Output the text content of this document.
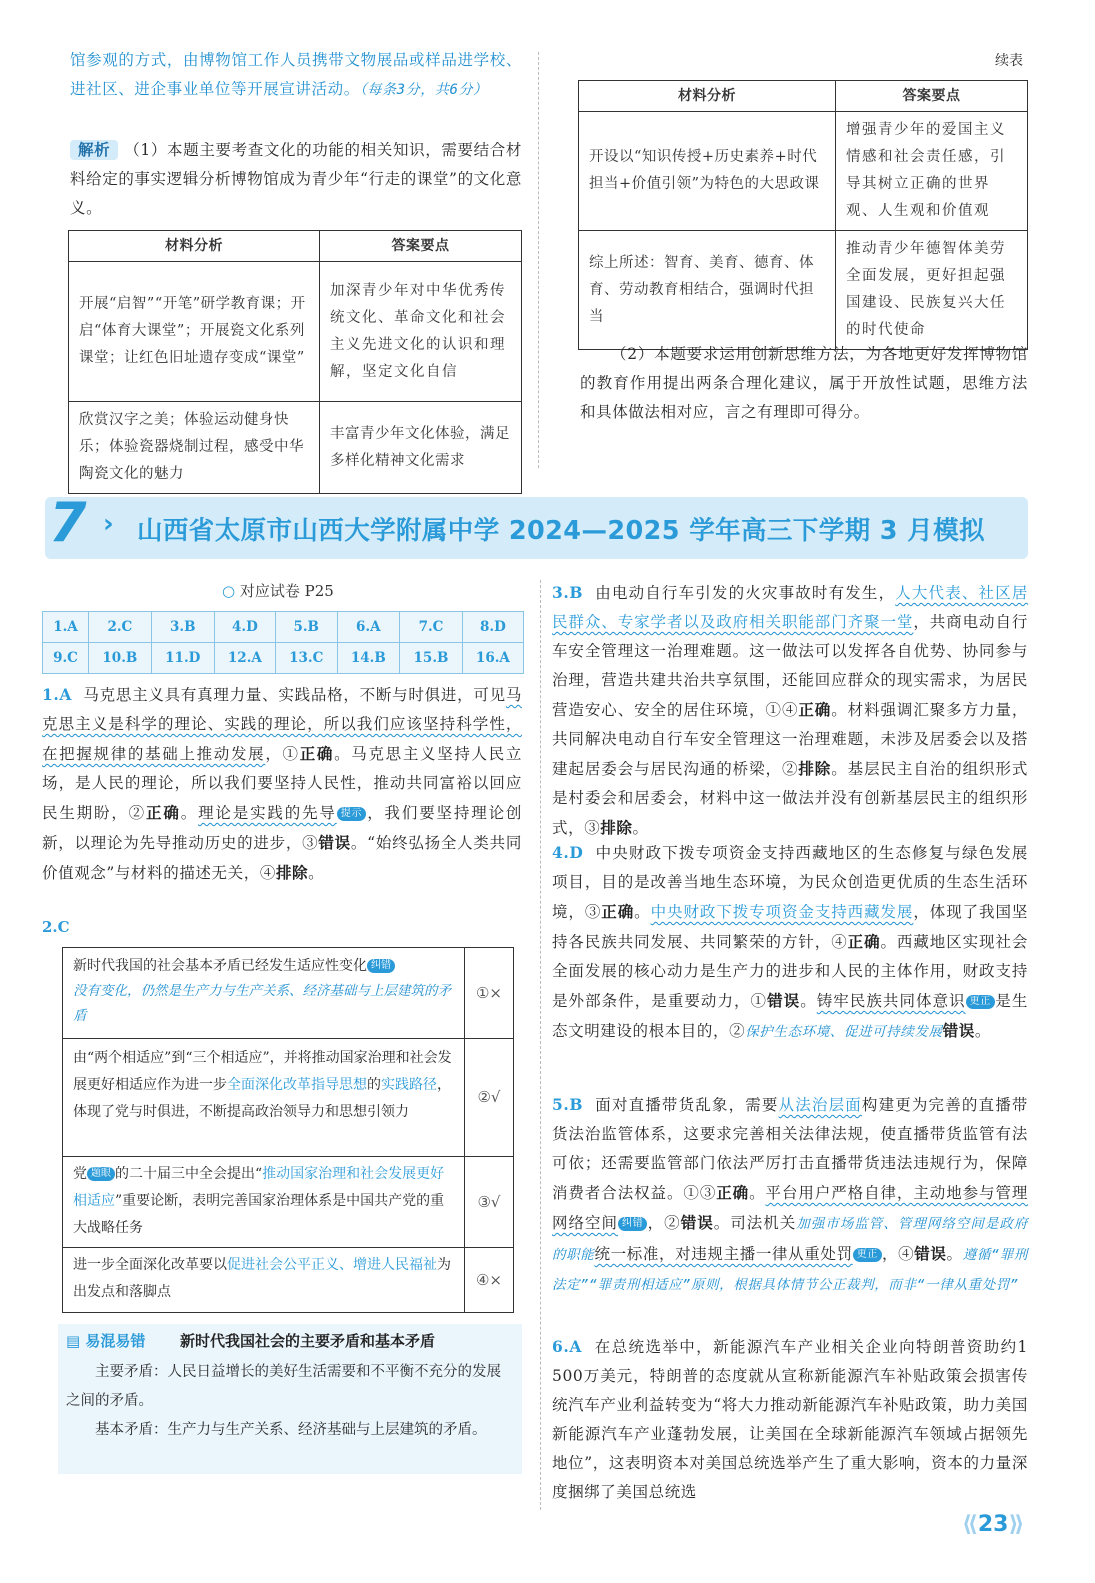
馆参观的方式，由博物馆工作人员携带文物展品或样品进学校、进社区、进企事业单位等开展宣讲活动。（每条3分，共6分）
解析 （1）本题主要考查文化的功能的相关知识，需要结合材料给定的事实逻辑分析博物馆成为青少年“行走的课堂”的文化意义。
材料分析	答案要点
开展“启智”“开笔”研学教育课；开启“体育大课堂”；开展瓷文化系列课堂；让红色旧址遗存变成“课堂”	加深青少年对中华优秀传统文化、革命文化和社会主义先进文化的认识和理解，坚定文化自信
欣赏汉字之美；体验运动健身快乐；体验瓷器烧制过程，感受中华陶瓷文化的魅力	丰富青少年文化体验，满足多样化精神文化需求
续表
材料分析	答案要点
开设以“知识传授+历史素养+时代担当+价值引领”为特色的大思政课	增强青少年的爱国主义情感和社会责任感，引导其树立正确的世界观、人生观和价值观
综上所述：智育、美育、德育、体育、劳动教育相结合，强调时代担当	推动青少年德智体美劳全面发展，更好担起强国建设、民族复兴大任的时代使命
（2）本题要求运用创新思维方法，为各地更好发挥博物馆的教育作用提出两条合理化建议，属于开放性试题，思维方法和具体做法相对应，言之有理即可得分。
7 › 山西省太原市山西大学附属中学 2024—2025 学年高三下学期 3 月模拟
○ 对应试卷 P25
1.A	2.C	3.B	4.D	5.B	6.A	7.C	8.D
9.C	10.B	11.D	12.A	13.C	14.B	15.B	16.A
1.A 马克思主义具有真理力量、实践品格，不断与时俱进，可见马克思主义是科学的理论、实践的理论，所以我们应该坚持科学性，在把握规律的基础上推动发展，①正确。马克思主义坚持人民立场，是人民的理论，所以我们要坚持人民性，推动共同富裕以回应民生期盼，②正确。理论是实践的先导 提示 ，我们要坚持理论创新，以理论为先导推动历史的进步，③错误。“始终弘扬全人类共同价值观念”与材料的描述无关，④排除。
2.C
新时代我国的社会基本矛盾已经发生适应性变化 纠错
没有变化，仍然是生产力与生产关系、经济基础与上层建筑的矛盾
①×
由“两个相适应”到“三个相适应”，并将推动国家治理和社会发展更好相适应作为进一步全面深化改革指导思想的实践路径，体现了党与时俱进，不断提高政治领导力和思想引领力
②√
党 题眼 的二十届三中全会提出“推动国家治理和社会发展更好相适应”重要论断，表明完善国家治理体系是中国共产党的重大战略任务
③√
进一步全面深化改革要以促进社会公平正义、增进人民福祉为出发点和落脚点
④×
▤ 易混易错 新时代我国社会的主要矛盾和基本矛盾
主要矛盾：人民日益增长的美好生活需要和不平衡不充分的发展之间的矛盾。
基本矛盾：生产力与生产关系、经济基础与上层建筑的矛盾。
3.B 由电动自行车引发的火灾事故时有发生，人大代表、社区居民群众、专家学者以及政府相关职能部门齐聚一堂，共商电动自行车安全管理这一治理难题。这一做法可以发挥各自优势、协同参与治理，营造共建共治共享氛围，还能回应群众的现实需求，为居民营造安心、安全的居住环境，①④正确。材料强调汇聚多方力量，共同解决电动自行车安全管理这一治理难题，未涉及居委会以及搭建起居委会与居民沟通的桥梁，②排除。基层民主自治的组织形式是村委会和居委会，材料中这一做法并没有创新基层民主的组织形式，③排除。
4.D 中央财政下拨专项资金支持西藏地区的生态修复与绿色发展项目，目的是改善当地生态环境，为民众创造更优质的生态生活环境，③正确。中央财政下拨专项资金支持西藏发展，体现了我国坚持各民族共同发展、共同繁荣的方针，④正确。西藏地区实现社会全面发展的核心动力是生产力的进步和人民的主体作用，财政支持是外部条件，是重要动力，①错误。铸牢民族共同体意识 更正 是生态文明建设的根本目的，②保护生态环境、促进可持续发展错误。
5.B 面对直播带货乱象，需要从法治层面构建更为完善的直播带货法治监管体系，这要求完善相关法律法规，使直播带货监管有法可依；还需要监管部门依法严厉打击直播带货违法违规行为，保障消费者合法权益。①③正确。平台用户严格自律，主动地参与管理网络空间 纠错 ，②错误。司法机关加强市场监管、管理网络空间是政府的职能统一标准，对违规主播一律从重处罚 更正 ，④错误。遵循“罪刑法定”“罪责刑相适应”原则，根据具体情节公正裁判，而非“一律从重处罚”
6.A 在总统选举中，新能源汽车产业相关企业向特朗普资助约1 500万美元，特朗普的态度就从宣称新能源汽车补贴政策会损害传统汽车产业利益转变为“将大力推动新能源汽车补贴政策，助力美国新能源汽车产业蓬勃发展，让美国在全球新能源汽车领域占据领先地位”，这表明资本对美国总统选举产生了重大影响，资本的力量深度捆绑了美国总统选
⟪23⟫
